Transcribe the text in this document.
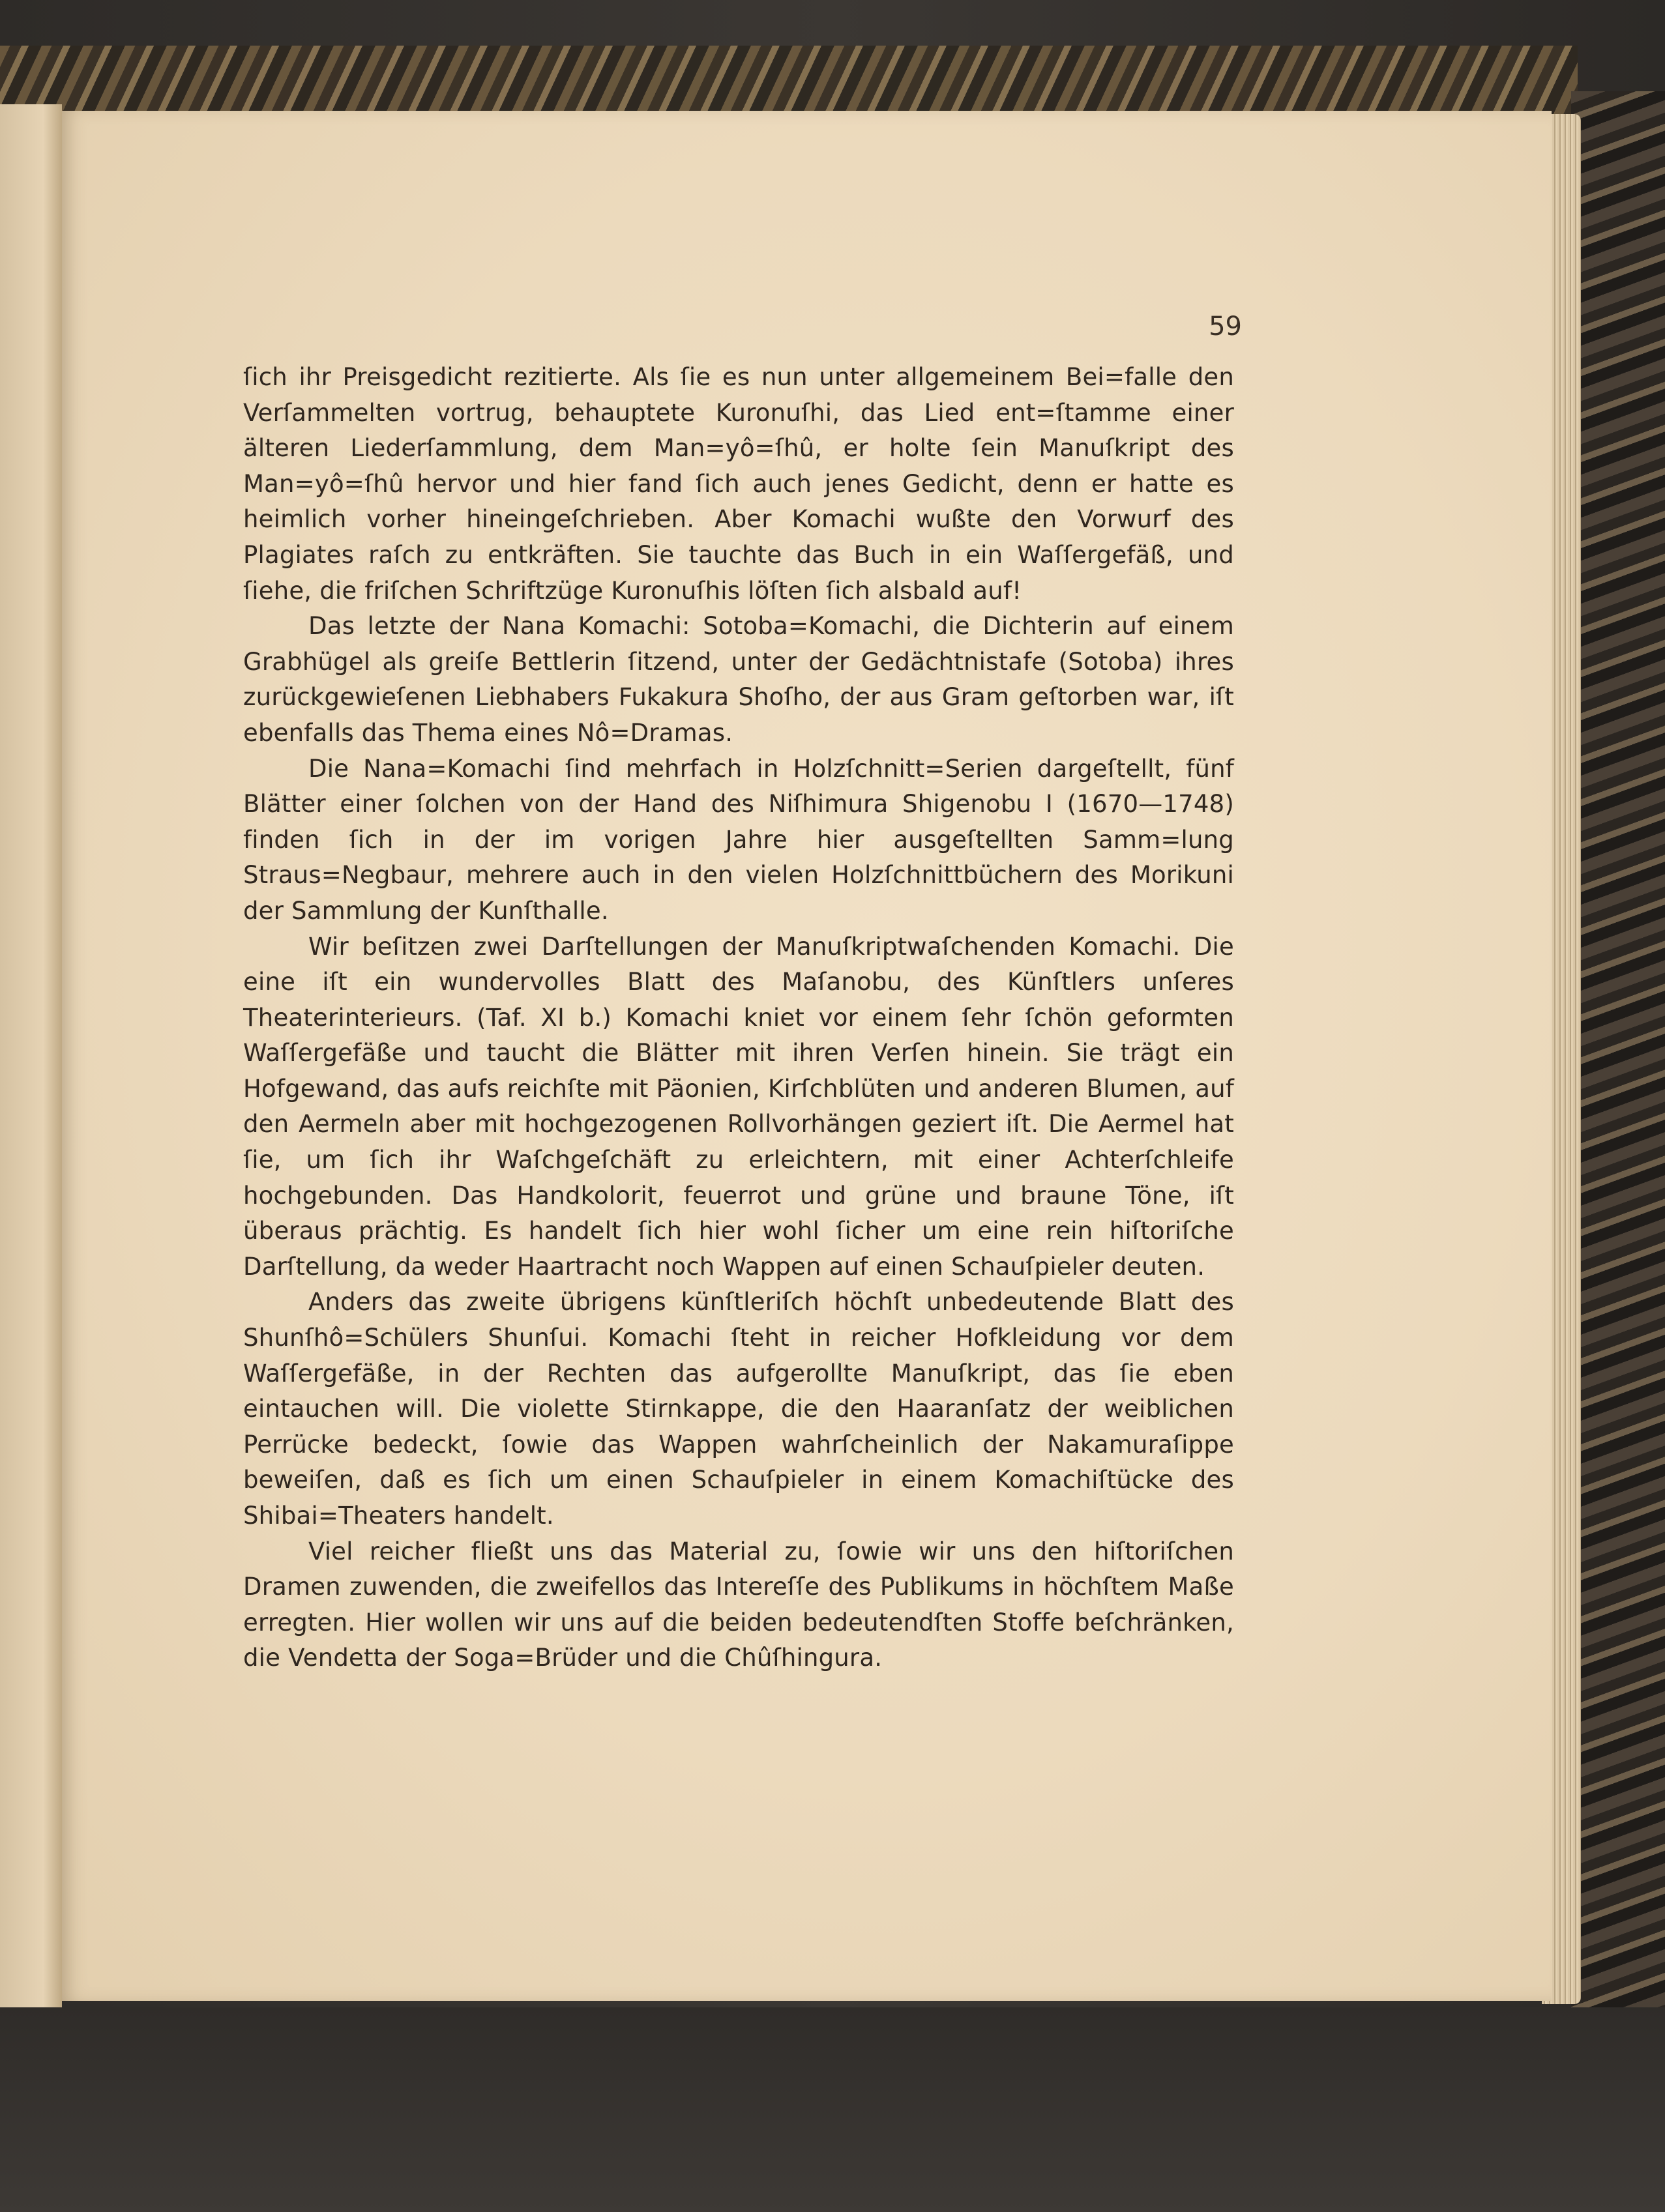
59

ſich ihr Preisgedicht rezitierte. Als ſie es nun unter allgemeinem Bei=falle den Verſammelten vortrug, behauptete Kuronuſhi, das Lied ent=ſtamme einer älteren Liederſammlung, dem Man=yô=ſhû, er holte ſein Manuſkript des Man=yô=ſhû hervor und hier fand ſich auch jenes Gedicht, denn er hatte es heimlich vorher hineingeſchrieben. Aber Komachi wußte den Vorwurf des Plagiates raſch zu entkräften. Sie tauchte das Buch in ein Waſſergefäß, und ſiehe, die friſchen Schriftzüge Kuronuſhis löſten ſich alsbald auf!

Das letzte der Nana Komachi: Sotoba=Komachi, die Dichterin auf einem Grabhügel als greiſe Bettlerin ſitzend, unter der Gedächtnistafe (Sotoba) ihres zurückgewieſenen Liebhabers Fukakura Shoſho, der aus Gram geſtorben war, iſt ebenfalls das Thema eines Nô=Dramas.

Die Nana=Komachi ſind mehrfach in Holzſchnitt=Serien dargeſtellt, fünf Blätter einer ſolchen von der Hand des Niſhimura Shigenobu I (1670—1748) finden ſich in der im vorigen Jahre hier ausgeſtellten Samm=lung Straus=Negbaur, mehrere auch in den vielen Holzſchnittbüchern des Morikuni der Sammlung der Kunſthalle.

Wir beſitzen zwei Darſtellungen der Manuſkriptwaſchenden Komachi. Die eine iſt ein wundervolles Blatt des Maſanobu, des Künſtlers unſeres Theaterinterieurs. (Taf. XI b.) Komachi kniet vor einem ſehr ſchön geformten Waſſergefäße und taucht die Blätter mit ihren Verſen hinein. Sie trägt ein Hofgewand, das aufs reichſte mit Päonien, Kirſchblüten und anderen Blumen, auf den Aermeln aber mit hochgezogenen Rollvorhängen geziert iſt. Die Aermel hat ſie, um ſich ihr Waſchgeſchäft zu erleichtern, mit einer Achterſchleife hochgebunden. Das Handkolorit, feuerrot und grüne und braune Töne, iſt überaus prächtig. Es handelt ſich hier wohl ſicher um eine rein hiſtoriſche Darſtellung, da weder Haartracht noch Wappen auf einen Schauſpieler deuten.

Anders das zweite übrigens künſtleriſch höchſt unbedeutende Blatt des Shunſhô=Schülers Shunſui. Komachi ſteht in reicher Hofkleidung vor dem Waſſergefäße, in der Rechten das aufgerollte Manuſkript, das ſie eben eintauchen will. Die violette Stirnkappe, die den Haaranſatz der weiblichen Perrücke bedeckt, ſowie das Wappen wahrſcheinlich der Nakamuraſippe beweiſen, daß es ſich um einen Schauſpieler in einem Komachiſtücke des Shibai=Theaters handelt.

Viel reicher fließt uns das Material zu, ſowie wir uns den hiſtoriſchen Dramen zuwenden, die zweifellos das Intereſſe des Publikums in höchſtem Maße erregten. Hier wollen wir uns auf die beiden bedeutendſten Stoffe beſchränken, die Vendetta der Soga=Brüder und die Chûſhingura.
